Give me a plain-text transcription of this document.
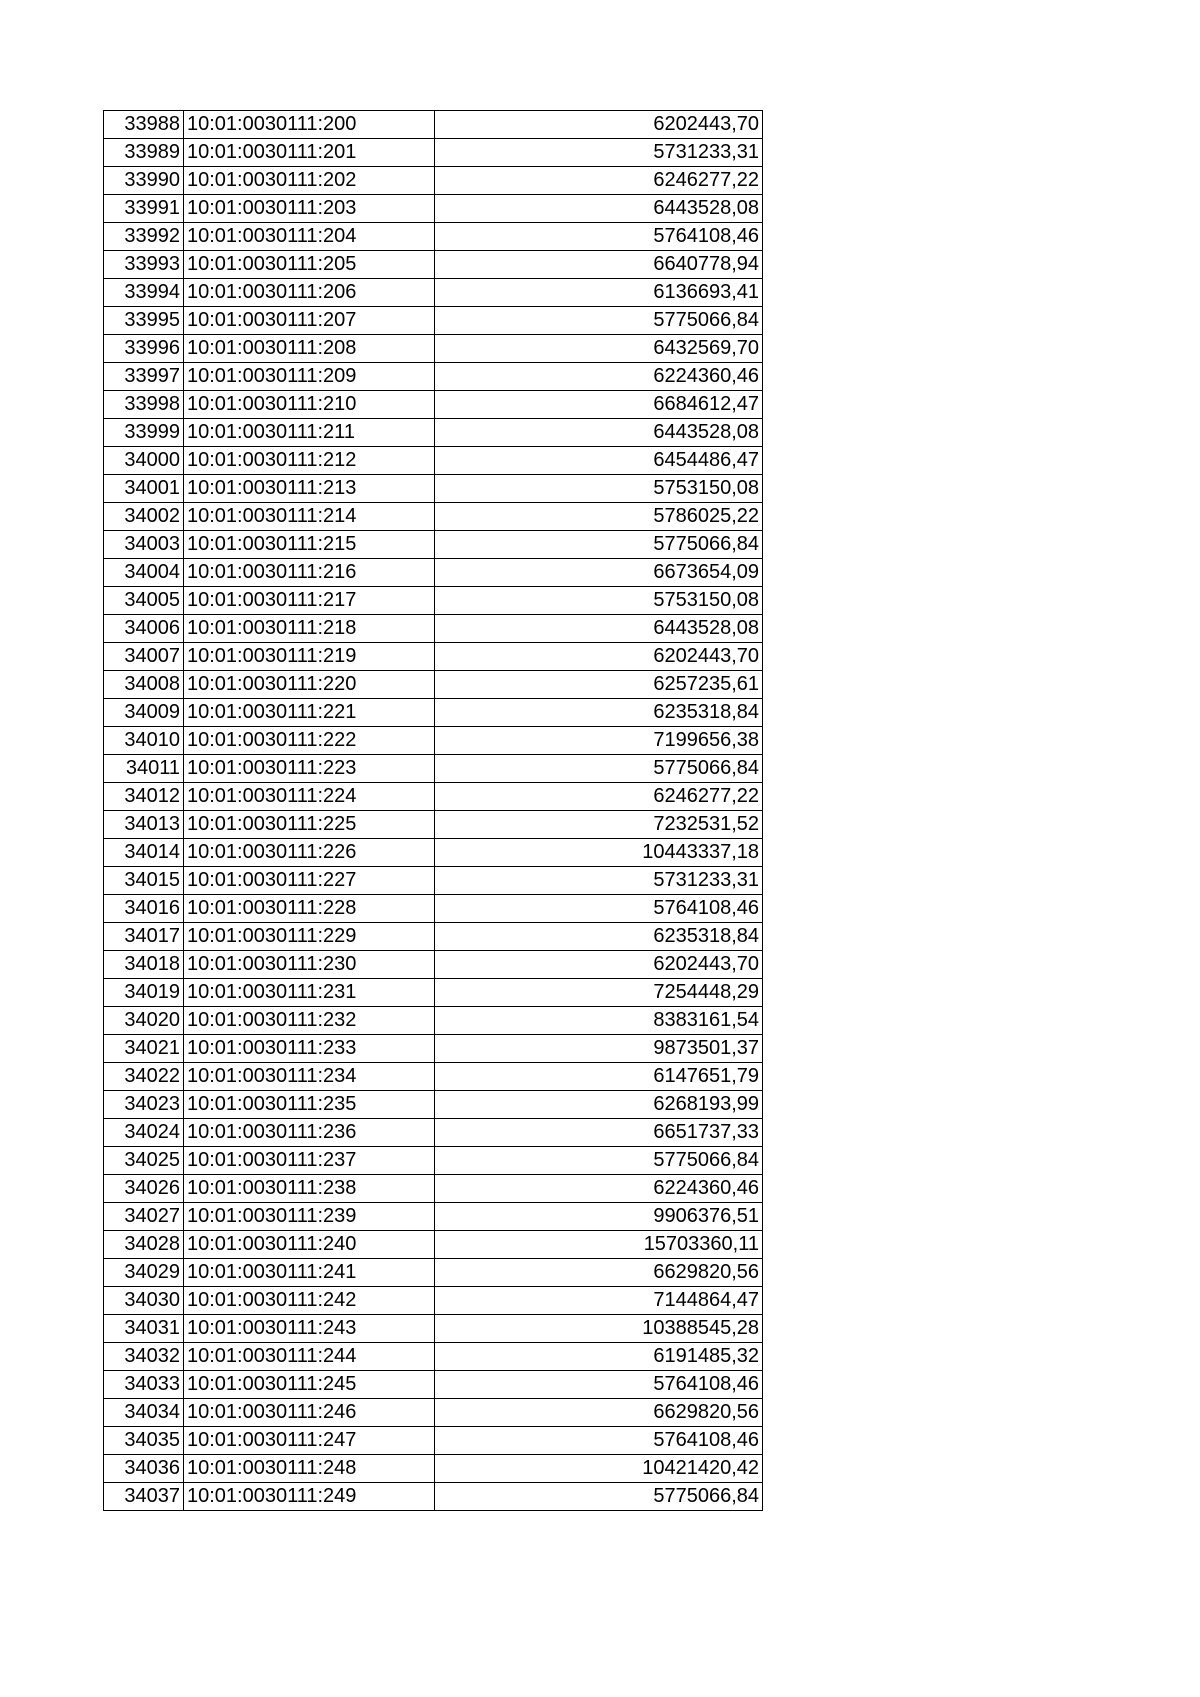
33988	10:01:0030111:200	6202443,70
33989	10:01:0030111:201	5731233,31
33990	10:01:0030111:202	6246277,22
33991	10:01:0030111:203	6443528,08
33992	10:01:0030111:204	5764108,46
33993	10:01:0030111:205	6640778,94
33994	10:01:0030111:206	6136693,41
33995	10:01:0030111:207	5775066,84
33996	10:01:0030111:208	6432569,70
33997	10:01:0030111:209	6224360,46
33998	10:01:0030111:210	6684612,47
33999	10:01:0030111:211	6443528,08
34000	10:01:0030111:212	6454486,47
34001	10:01:0030111:213	5753150,08
34002	10:01:0030111:214	5786025,22
34003	10:01:0030111:215	5775066,84
34004	10:01:0030111:216	6673654,09
34005	10:01:0030111:217	5753150,08
34006	10:01:0030111:218	6443528,08
34007	10:01:0030111:219	6202443,70
34008	10:01:0030111:220	6257235,61
34009	10:01:0030111:221	6235318,84
34010	10:01:0030111:222	7199656,38
34011	10:01:0030111:223	5775066,84
34012	10:01:0030111:224	6246277,22
34013	10:01:0030111:225	7232531,52
34014	10:01:0030111:226	10443337,18
34015	10:01:0030111:227	5731233,31
34016	10:01:0030111:228	5764108,46
34017	10:01:0030111:229	6235318,84
34018	10:01:0030111:230	6202443,70
34019	10:01:0030111:231	7254448,29
34020	10:01:0030111:232	8383161,54
34021	10:01:0030111:233	9873501,37
34022	10:01:0030111:234	6147651,79
34023	10:01:0030111:235	6268193,99
34024	10:01:0030111:236	6651737,33
34025	10:01:0030111:237	5775066,84
34026	10:01:0030111:238	6224360,46
34027	10:01:0030111:239	9906376,51
34028	10:01:0030111:240	15703360,11
34029	10:01:0030111:241	6629820,56
34030	10:01:0030111:242	7144864,47
34031	10:01:0030111:243	10388545,28
34032	10:01:0030111:244	6191485,32
34033	10:01:0030111:245	5764108,46
34034	10:01:0030111:246	6629820,56
34035	10:01:0030111:247	5764108,46
34036	10:01:0030111:248	10421420,42
34037	10:01:0030111:249	5775066,84
